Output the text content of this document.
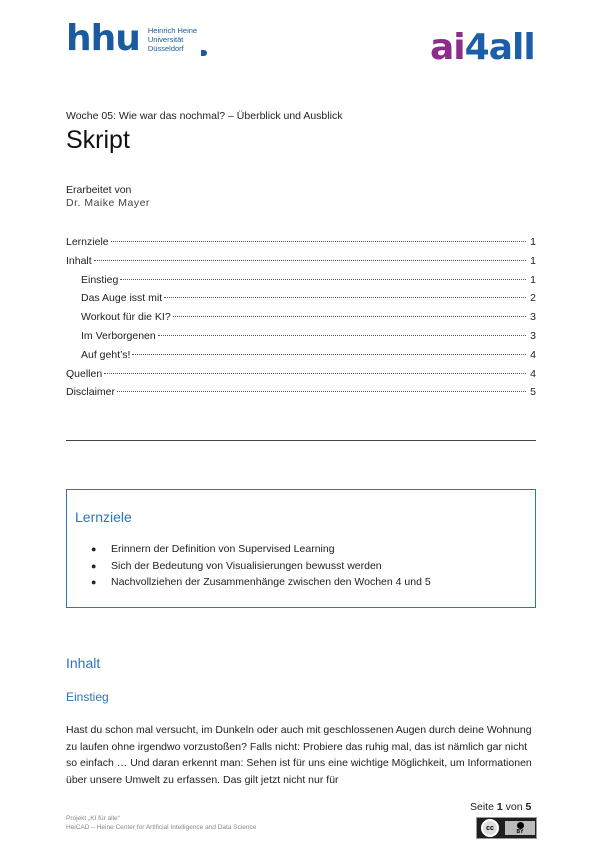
hhu Heinrich Heine
Universität
Düsseldorf	ai4all
Woche 05: Wie war das nochmal? – Überblick und Ausblick
Skript
Erarbeitet von
Dr. Maike Mayer
Lernziele	1
Inhalt	1
Einstieg	1
Das Auge isst mit	2
Workout für die KI?	3
Im Verborgenen	3
Auf geht’s!	4
Quellen	4
Disclaimer	5
Lernziele
●	Erinnern der Definition von Supervised Learning
●	Sich der Bedeutung von Visualisierungen bewusst werden
●	Nachvollziehen der Zusammenhänge zwischen den Wochen 4 und 5
Inhalt
Einstieg
Hast du schon mal versucht, im Dunkeln oder auch mit geschlossenen Augen durch deine Wohnung zu laufen ohne irgendwo vorzustoßen? Falls nicht: Probiere das ruhig mal, das ist nämlich gar nicht so einfach … Und daran erkennt man: Sehen ist für uns eine wichtige Möglichkeit, um Informationen über unsere Umwelt zu erfassen. Das gilt jetzt nicht nur für
Projekt „KI für alle“
HeiCAD – Heine Center for Artificial Intelligence and Data Science
Seite 1 von 5
cc	BY
